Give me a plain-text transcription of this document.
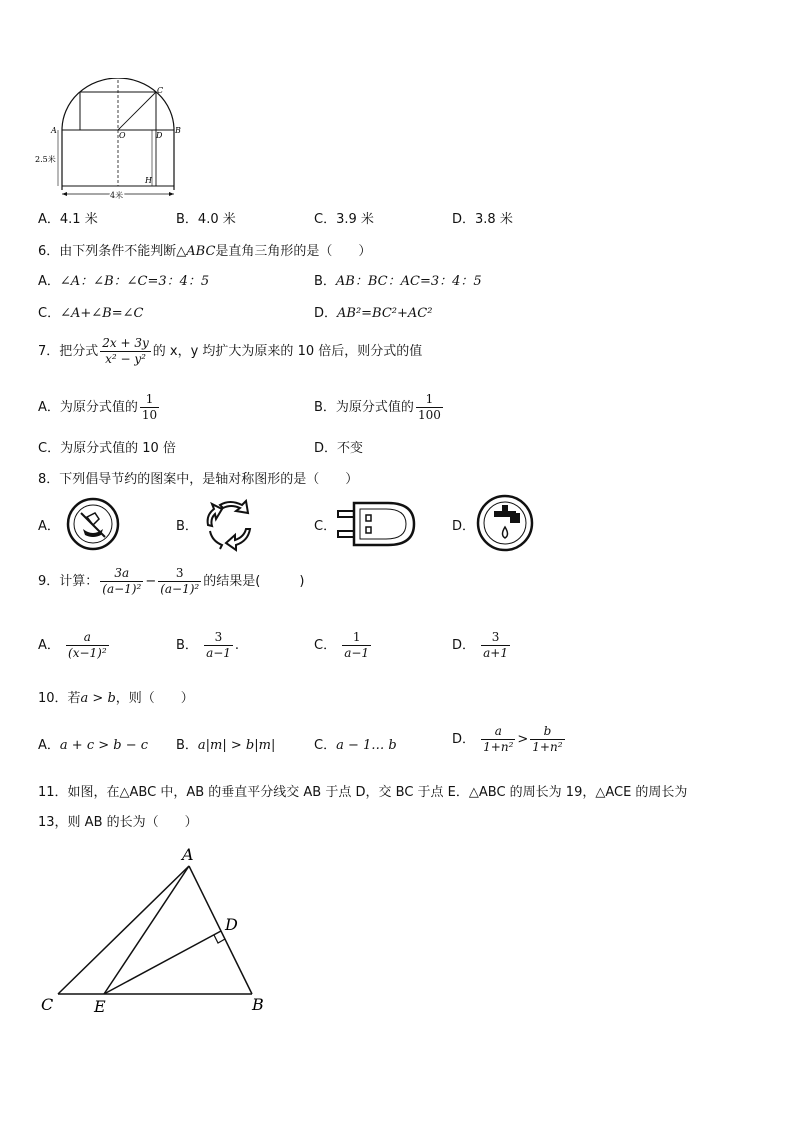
A
O
C
D
B
H
2.5米
4米
A．4.1 米	B．4.0 米	C．3.9 米	D．3.8 米
6．由下列条件不能判断△ABC是直角三角形的是（　　）
A．∠A：∠B：∠C=3：4：5	B．AB：BC：AC=3：4：5
C．∠A+∠B=∠C	D．AB²=BC²+AC²
7．把分式 $\frac{2x + 3y}{\text{x² − y²}}$ 的 x，y 均扩大为原来的 10 倍后，则分式的值
A．为原分式值的 $\frac{1}{10}$	B．为原分式值的 $\frac{1}{100}$
C．为原分式值的 10 倍	D．不变
8．下列倡导节约的图案中，是轴对称图形的是（　　）
A．	B．	C．	D．
9．计算： $\frac{3a}{\text{(a−1)²}} - \frac{3}{\text{(a−1)²}}$ 的结果是(　　　)
A． $\frac{a}{\text{(x−1)²}}$	B． $\frac{3}{a-1}$ .	C． $\frac{1}{a-1}$	D． $\frac{3}{a+1}$
10．若a > b，则（　　）
A．a + c > b − c B．a|m| > b|m|	C．a − 1… b	D． $\frac{a}{\text{1+n²}} > \frac{b}{\text{1+n²}}$
11．如图，在△ABC 中，AB 的垂直平分线交 AB 于点 D，交 BC 于点 E．△ABC 的周长为 19，△ACE 的周长为
13，则 AB 的长为（　　）
A
D
C	E	B
